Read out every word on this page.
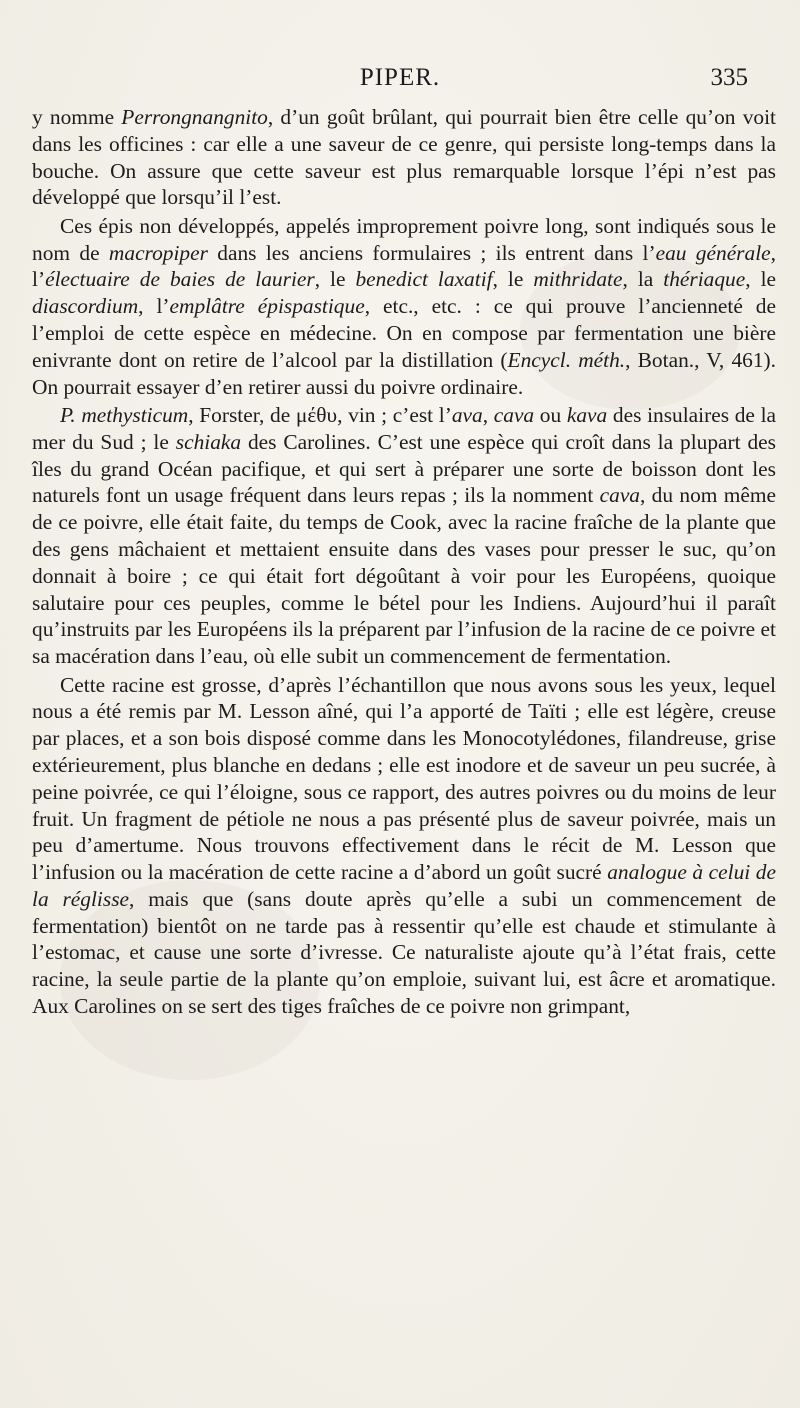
PIPER.	335

y nomme Perrongnangnito, d’un goût brûlant, qui pourrait bien être celle qu’on voit dans les officines : car elle a une saveur de ce genre, qui persiste long-temps dans la bouche. On assure que cette saveur est plus remarquable lorsque l’épi n’est pas développé que lorsqu’il l’est.

Ces épis non développés, appelés improprement poivre long, sont indiqués sous le nom de macropiper dans les anciens formulaires ; ils entrent dans l’eau générale, l’électuaire de baies de laurier, le benedict laxatif, le mithridate, la thériaque, le diascordium, l’emplâtre épispastique, etc., etc. : ce qui prouve l’ancienneté de l’emploi de cette espèce en médecine. On en compose par fermentation une bière enivrante dont on retire de l’alcool par la distillation (Encycl. méth., Botan., V, 461). On pourrait essayer d’en retirer aussi du poivre ordinaire.

P. methysticum, Forster, de μέθυ, vin ; c’est l’ava, cava ou kava des insulaires de la mer du Sud ; le schiaka des Carolines. C’est une espèce qui croît dans la plupart des îles du grand Océan pacifique, et qui sert à préparer une sorte de boisson dont les naturels font un usage fréquent dans leurs repas ; ils la nomment cava, du nom même de ce poivre, elle était faite, du temps de Cook, avec la racine fraîche de la plante que des gens mâchaient et mettaient ensuite dans des vases pour presser le suc, qu’on donnait à boire ; ce qui était fort dégoûtant à voir pour les Européens, quoique salutaire pour ces peuples, comme le bétel pour les Indiens. Aujourd’hui il paraît qu’instruits par les Européens ils la préparent par l’infusion de la racine de ce poivre et sa macération dans l’eau, où elle subit un commencement de fermentation.

Cette racine est grosse, d’après l’échantillon que nous avons sous les yeux, lequel nous a été remis par M. Lesson aîné, qui l’a apporté de Taïti ; elle est légère, creuse par places, et a son bois disposé comme dans les Monocotylédones, filandreuse, grise extérieurement, plus blanche en dedans ; elle est inodore et de saveur un peu sucrée, à peine poivrée, ce qui l’éloigne, sous ce rapport, des autres poivres ou du moins de leur fruit. Un fragment de pétiole ne nous a pas présenté plus de saveur poivrée, mais un peu d’amertume. Nous trouvons effectivement dans le récit de M. Lesson que l’infusion ou la macération de cette racine a d’abord un goût sucré analogue à celui de la réglisse, mais que (sans doute après qu’elle a subi un commencement de fermentation) bientôt on ne tarde pas à ressentir qu’elle est chaude et stimulante à l’estomac, et cause une sorte d’ivresse. Ce naturaliste ajoute qu’à l’état frais, cette racine, la seule partie de la plante qu’on emploie, suivant lui, est âcre et aromatique. Aux Carolines on se sert des tiges fraîches de ce poivre non grimpant,
